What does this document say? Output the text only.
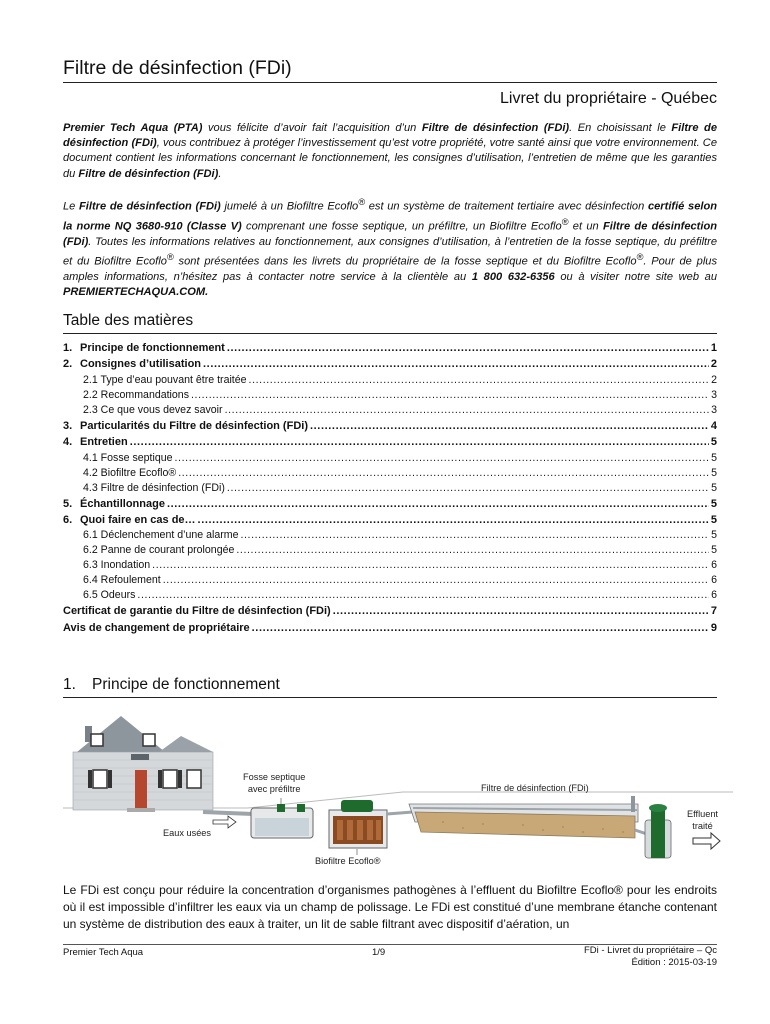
Filtre de désinfection (FDi)
Livret du propriétaire - Québec

Premier Tech Aqua (PTA) vous félicite d’avoir fait l’acquisition d’un Filtre de désinfection (FDi). En choisissant le Filtre de désinfection (FDi), vous contribuez à protéger l’investissement qu’est votre propriété, votre santé ainsi que votre environnement. Ce document contient les informations concernant le fonctionnement, les consignes d’utilisation, l’entretien de même que les garanties du Filtre de désinfection (FDi).

Le Filtre de désinfection (FDi) jumelé à un Biofiltre Ecoflo® est un système de traitement tertiaire avec désinfection certifié selon la norme NQ 3680-910 (Classe V) comprenant une fosse septique, un préfiltre, un Biofiltre Ecoflo® et un Filtre de désinfection (FDi). Toutes les informations relatives au fonctionnement, aux consignes d’utilisation, à l’entretien de la fosse septique, du préfiltre et du Biofiltre Ecoflo® sont présentées dans les livrets du propriétaire de la fosse septique et du Biofiltre Ecoflo®. Pour de plus amples informations, n’hésitez pas à contacter notre service à la clientèle au 1 800 632-6356 ou à visiter notre site web au PREMIERTECHAQUA.COM.

Table des matières
1. Principe de fonctionnement .....	1
2. Consignes d’utilisation .....	2
2.1 Type d’eau pouvant être traitée .....	2
2.2 Recommandations .....	3
2.3 Ce que vous devez savoir .....	3
3. Particularités du Filtre de désinfection (FDi) .....	4
4. Entretien .....	5
4.1 Fosse septique .....	5
4.2 Biofiltre Ecoflo® .....	5
4.3 Filtre de désinfection (FDi) .....	5
5. Échantillonnage .....	5
6. Quoi faire en cas de… .....	5
6.1 Déclenchement d’une alarme .....	5
6.2 Panne de courant prolongée .....	5
6.3 Inondation .....	6
6.4 Refoulement .....	6
6.5 Odeurs .....	6
Certificat de garantie du Filtre de désinfection (FDi) .....	7
Avis de changement de propriétaire .....	9
1. Principe de fonctionnement
Fosse septique
avec préfiltre	Filtre de désinfection (FDi)
Effluent
traité
Eaux usées
Biofiltre Ecoflo®

Le FDi est conçu pour réduire la concentration d’organismes pathogènes à l’effluent du Biofiltre Ecoflo® pour les endroits où il est impossible d’infiltrer les eaux via un champ de polissage. Le FDi est constitué d’une membrane étanche contenant un système de distribution des eaux à traiter, un lit de sable filtrant avec dispositif d’aération, un

Premier Tech Aqua	1/9	FDi - Livret du propriétaire – Qc
Édition : 2015-03-19
